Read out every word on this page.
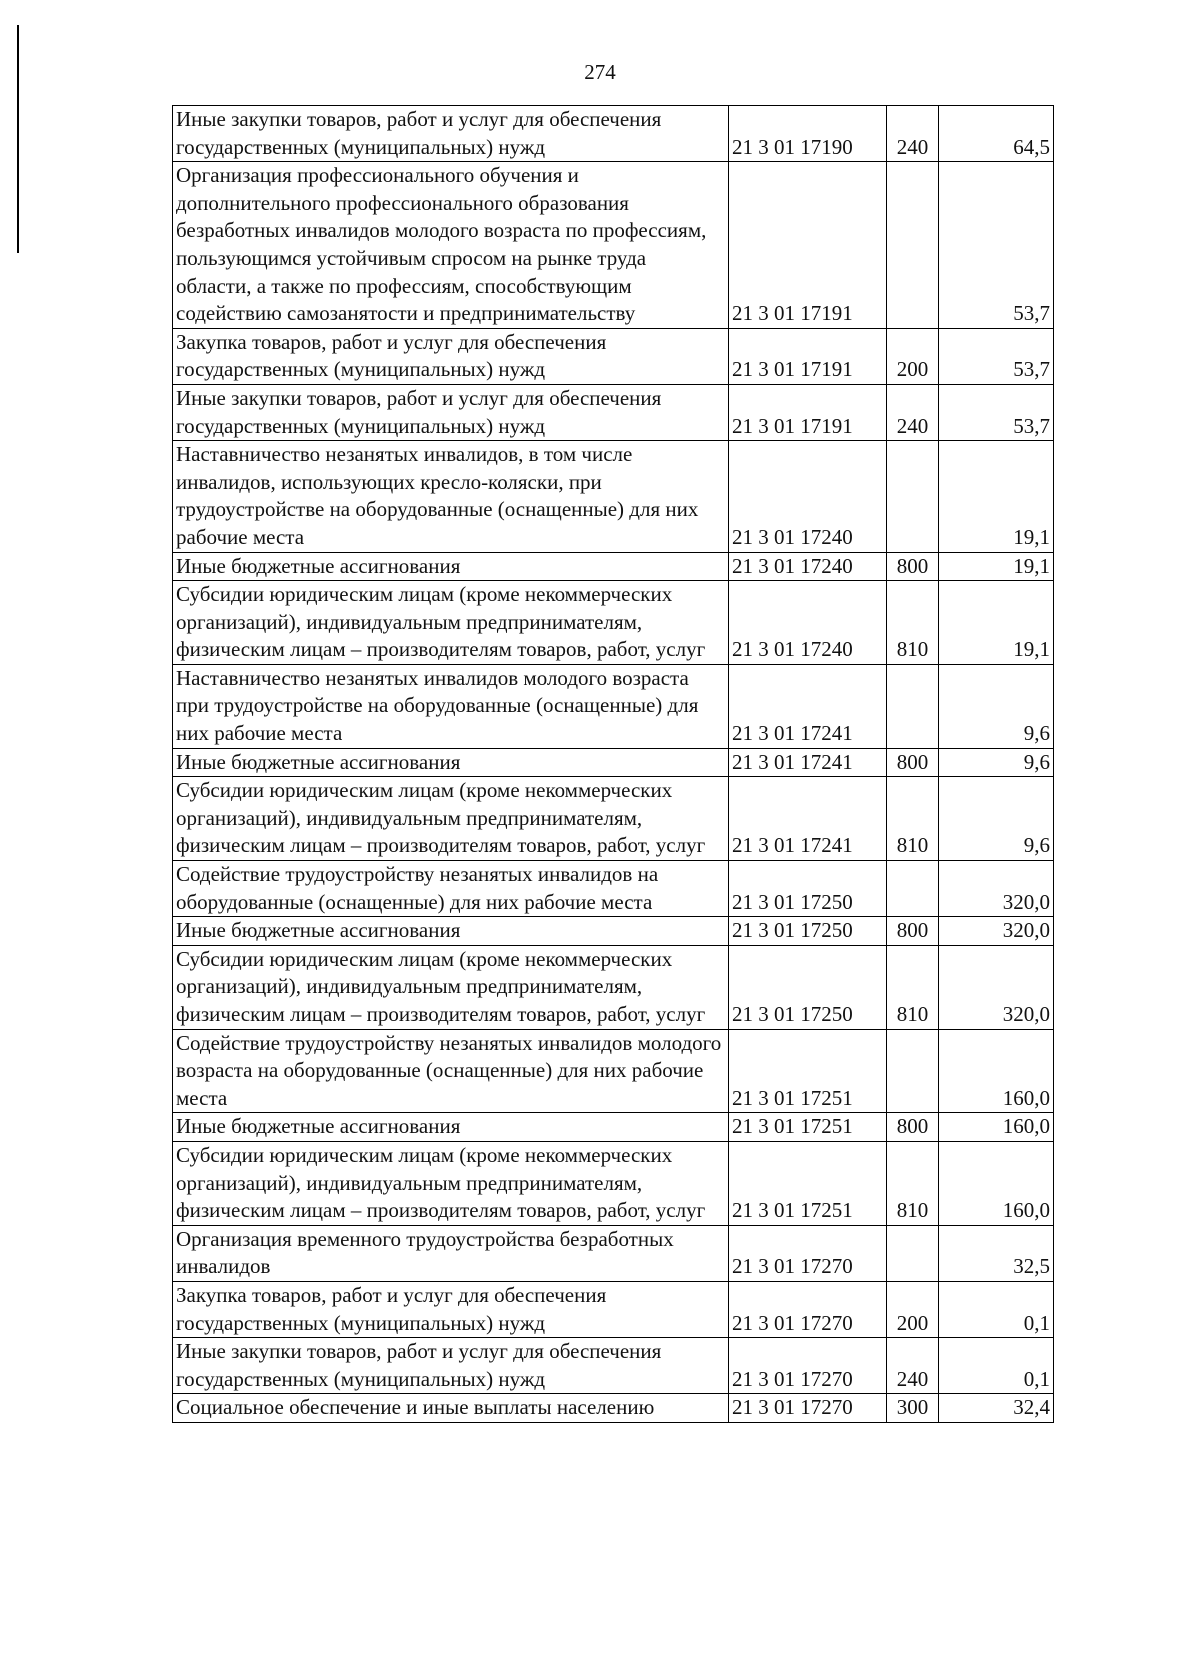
274
Иные закупки товаров, работ и услуг для обеспечения государственных (муниципальных) нужд	21 3 01 17190	240	64,5
Организация профессионального обучения и дополнительного профессионального образования безработных инвалидов молодого возраста по профессиям, пользующимся устойчивым спросом на рынке труда области, а также по профессиям, способствующим содействию самозанятости и предпринимательству	21 3 01 17191		53,7
Закупка товаров, работ и услуг для обеспечения государственных (муниципальных) нужд	21 3 01 17191	200	53,7
Иные закупки товаров, работ и услуг для обеспечения государственных (муниципальных) нужд	21 3 01 17191	240	53,7
Наставничество незанятых инвалидов, в том числе инвалидов, использующих кресло-коляски, при трудоустройстве на оборудованные (оснащенные) для них рабочие места	21 3 01 17240		19,1
Иные бюджетные ассигнования	21 3 01 17240	800	19,1
Субсидии юридическим лицам (кроме некоммерческих организаций), индивидуальным предпринимателям, физическим лицам – производителям товаров, работ, услуг	21 3 01 17240	810	19,1
Наставничество незанятых инвалидов молодого возраста при трудоустройстве на оборудованные (оснащенные) для них рабочие места	21 3 01 17241		9,6
Иные бюджетные ассигнования	21 3 01 17241	800	9,6
Субсидии юридическим лицам (кроме некоммерческих организаций), индивидуальным предпринимателям, физическим лицам – производителям товаров, работ, услуг	21 3 01 17241	810	9,6
Содействие трудоустройству незанятых инвалидов на оборудованные (оснащенные) для них рабочие места	21 3 01 17250		320,0
Иные бюджетные ассигнования	21 3 01 17250	800	320,0
Субсидии юридическим лицам (кроме некоммерческих организаций), индивидуальным предпринимателям, физическим лицам – производителям товаров, работ, услуг	21 3 01 17250	810	320,0
Содействие трудоустройству незанятых инвалидов молодого возраста на оборудованные (оснащенные) для них рабочие места	21 3 01 17251		160,0
Иные бюджетные ассигнования	21 3 01 17251	800	160,0
Субсидии юридическим лицам (кроме некоммерческих организаций), индивидуальным предпринимателям, физическим лицам – производителям товаров, работ, услуг	21 3 01 17251	810	160,0
Организация временного трудоустройства безработных инвалидов	21 3 01 17270		32,5
Закупка товаров, работ и услуг для обеспечения государственных (муниципальных) нужд	21 3 01 17270	200	0,1
Иные закупки товаров, работ и услуг для обеспечения государственных (муниципальных) нужд	21 3 01 17270	240	0,1
Социальное обеспечение и иные выплаты населению	21 3 01 17270	300	32,4
